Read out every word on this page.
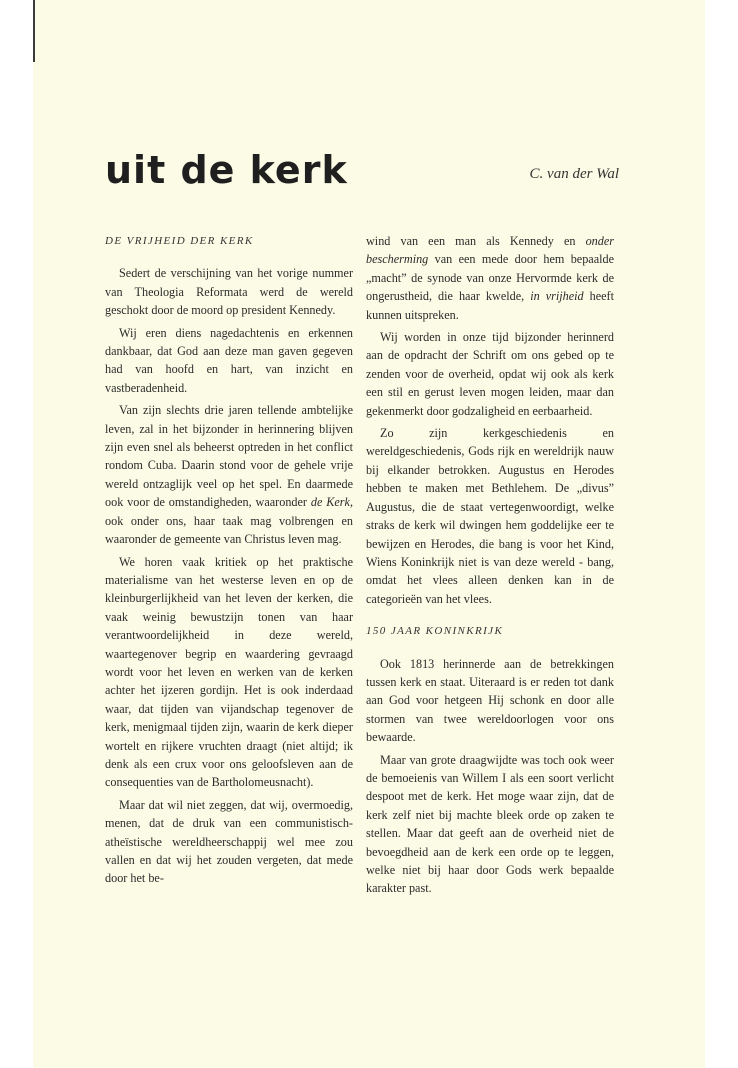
uit de kerk	C. van der Wal
DE VRIJHEID DER KERK

Sedert de verschijning van het vorige nummer van Theologia Reformata werd de wereld geschokt door de moord op president Kennedy.

Wij eren diens nagedachtenis en erkennen dankbaar, dat God aan deze man gaven gegeven had van hoofd en hart, van inzicht en vastberadenheid.

Van zijn slechts drie jaren tellende ambtelijke leven, zal in het bijzonder in herinnering blijven zijn even snel als beheerst optreden in het conflict rondom Cuba. Daarin stond voor de gehele vrije wereld ontzaglijk veel op het spel. En daarmede ook voor de omstandigheden, waaronder de Kerk, ook onder ons, haar taak mag volbrengen en waaronder de gemeente van Christus leven mag.

We horen vaak kritiek op het praktische materialisme van het westerse leven en op de kleinburgerlijkheid van het leven der kerken, die vaak weinig bewustzijn tonen van haar verantwoordelijkheid in deze wereld, waartegenover begrip en waardering gevraagd wordt voor het leven en werken van de kerken achter het ijzeren gordijn. Het is ook inderdaad waar, dat tijden van vijandschap tegenover de kerk, menigmaal tijden zijn, waarin de kerk dieper wortelt en rijkere vruchten draagt (niet altijd; ik denk als een crux voor ons geloofsleven aan de consequenties van de Bartholomeusnacht).

Maar dat wil niet zeggen, dat wij, overmoedig, menen, dat de druk van een communistisch-atheïstische wereldheerschappij wel mee zou vallen en dat wij het zouden vergeten, dat mede door het be-

wind van een man als Kennedy en onder bescherming van een mede door hem bepaalde „macht” de synode van onze Hervormde kerk de ongerustheid, die haar kwelde, in vrijheid heeft kunnen uitspreken.

Wij worden in onze tijd bijzonder herinnerd aan de opdracht der Schrift om ons gebed op te zenden voor de overheid, opdat wij ook als kerk een stil en gerust leven mogen leiden, maar dan gekenmerkt door godzaligheid en eerbaarheid.

Zo zijn kerkgeschiedenis en wereldgeschiedenis, Gods rijk en wereldrijk nauw bij elkander betrokken. Augustus en Herodes hebben te maken met Bethlehem. De „divus” Augustus, die de staat vertegenwoordigt, welke straks de kerk wil dwingen hem goddelijke eer te bewijzen en Herodes, die bang is voor het Kind, Wiens Koninkrijk niet is van deze wereld - bang, omdat het vlees alleen denken kan in de categorieën van het vlees.

150 JAAR KONINKRIJK

Ook 1813 herinnerde aan de betrekkingen tussen kerk en staat. Uiteraard is er reden tot dank aan God voor hetgeen Hij schonk en door alle stormen van twee wereldoorlogen voor ons bewaarde.

Maar van grote draagwijdte was toch ook weer de bemoeienis van Willem I als een soort verlicht despoot met de kerk. Het moge waar zijn, dat de kerk zelf niet bij machte bleek orde op zaken te stellen. Maar dat geeft aan de overheid niet de bevoegdheid aan de kerk een orde op te leggen, welke niet bij haar door Gods werk bepaalde karakter past.
